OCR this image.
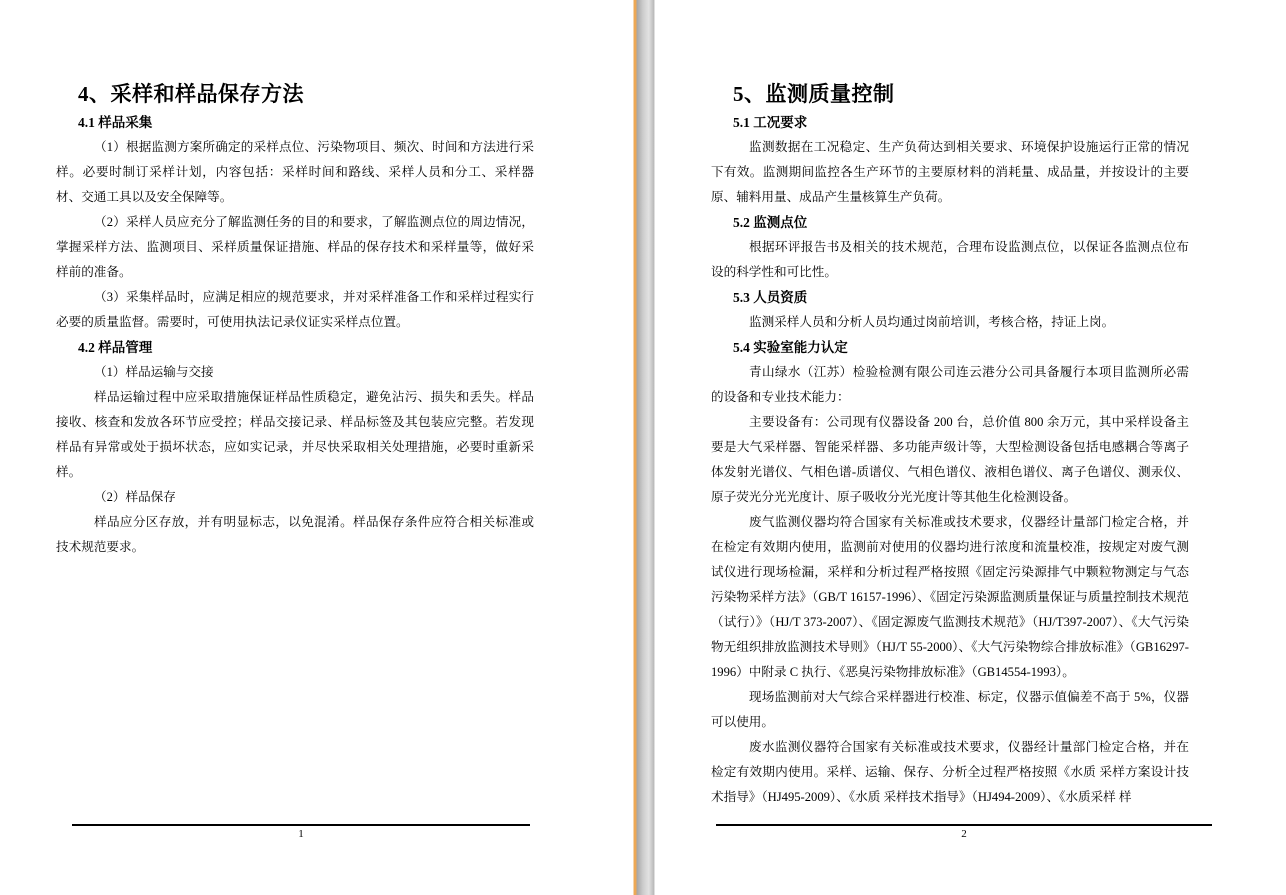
4、采样和样品保存方法
4.1 样品采集

（1）根据监测方案所确定的采样点位、污染物项目、频次、时间和方法进行采样。必要时制订采样计划，内容包括：采样时间和路线、采样人员和分工、采样器材、交通工具以及安全保障等。

（2）采样人员应充分了解监测任务的目的和要求，了解监测点位的周边情况，掌握采样方法、监测项目、采样质量保证措施、样品的保存技术和采样量等，做好采样前的准备。

（3）采集样品时，应满足相应的规范要求，并对采样准备工作和采样过程实行必要的质量监督。需要时，可使用执法记录仪证实采样点位置。

4.2 样品管理

（1）样品运输与交接

样品运输过程中应采取措施保证样品性质稳定，避免沾污、损失和丢失。样品接收、核查和发放各环节应受控；样品交接记录、样品标签及其包装应完整。若发现样品有异常或处于损坏状态，应如实记录，并尽快采取相关处理措施，必要时重新采样。

（2）样品保存

样品应分区存放，并有明显标志，以免混淆。样品保存条件应符合相关标准或技术规范要求。

1
5、监测质量控制
5.1 工况要求

监测数据在工况稳定、生产负荷达到相关要求、环境保护设施运行正常的情况下有效。监测期间监控各生产环节的主要原材料的消耗量、成品量，并按设计的主要原、辅料用量、成品产生量核算生产负荷。

5.2 监测点位

根据环评报告书及相关的技术规范，合理布设监测点位，以保证各监测点位布设的科学性和可比性。

5.3 人员资质

监测采样人员和分析人员均通过岗前培训，考核合格，持证上岗。

5.4 实验室能力认定

青山绿水（江苏）检验检测有限公司连云港分公司具备履行本项目监测所必需的设备和专业技术能力：

主要设备有：公司现有仪器设备 200 台，总价值 800 余万元，其中采样设备主要是大气采样器、智能采样器、多功能声级计等，大型检测设备包括电感耦合等离子体发射光谱仪、气相色谱-质谱仪、气相色谱仪、液相色谱仪、离子色谱仪、测汞仪、原子荧光分光光度计、原子吸收分光光度计等其他生化检测设备。

废气监测仪器均符合国家有关标准或技术要求，仪器经计量部门检定合格，并在检定有效期内使用，监测前对使用的仪器均进行浓度和流量校准，按规定对废气测试仪进行现场检漏，采样和分析过程严格按照《固定污染源排气中颗粒物测定与气态污染物采样方法》（GB/T 16157-1996）、《固定污染源监测质量保证与质量控制技术规范（试行）》（HJ/T 373-2007）、《固定源废气监测技术规范》（HJ/T397-2007）、《大气污染物无组织排放监测技术导则》（HJ/T 55-2000）、《大气污染物综合排放标准》（GB16297-1996）中附录 C 执行、《恶臭污染物排放标准》（GB14554-1993）。

现场监测前对大气综合采样器进行校准、标定，仪器示值偏差不高于 5%，仪器可以使用。

废水监测仪器符合国家有关标准或技术要求，仪器经计量部门检定合格，并在检定有效期内使用。采样、运输、保存、分析全过程严格按照《水质 采样方案设计技术指导》（HJ495-2009）、《水质 采样技术指导》（HJ494-2009）、《水质采样 样

2
